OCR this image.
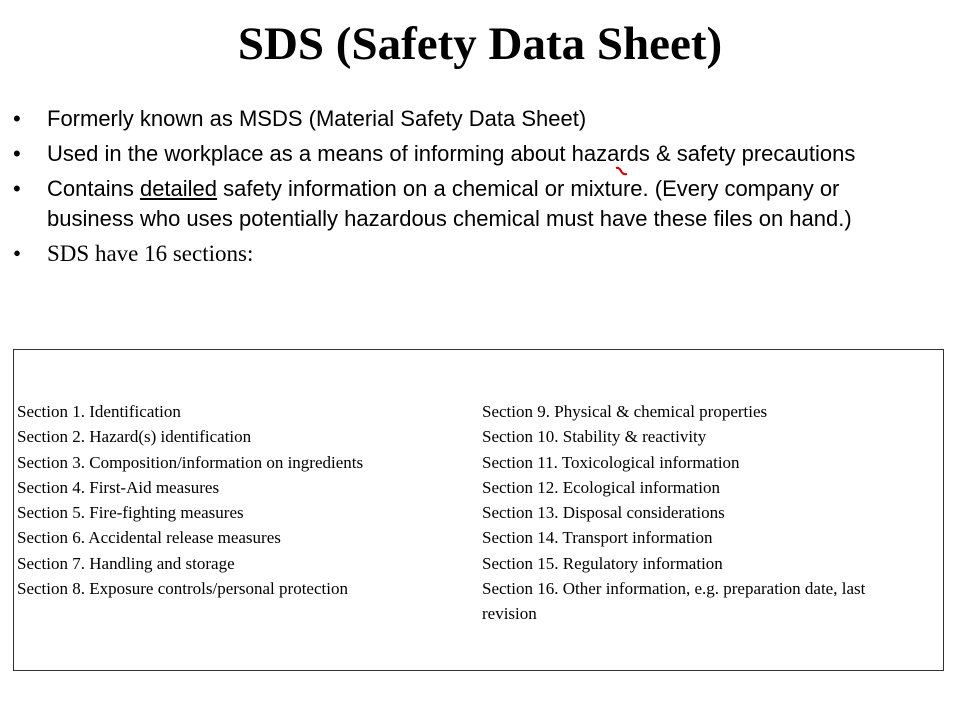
SDS (Safety Data Sheet)
•	Formerly known as MSDS (Material Safety Data Sheet)
•	Used in the workplace as a means of informing about hazards & safety precautions
•	Contains detailed safety information on a chemical or mixture. (Every company or business who uses potentially hazardous chemical must have these files on hand.)
•	SDS have 16 sections:
Section 1. Identification
Section 2. Hazard(s) identification
Section 3. Composition/information on ingredients
Section 4. First-Aid measures
Section 5. Fire-fighting measures
Section 6. Accidental release measures
Section 7. Handling and storage
Section 8. Exposure controls/personal protection
Section 9. Physical & chemical properties
Section 10. Stability & reactivity
Section 11. Toxicological information
Section 12. Ecological information
Section 13. Disposal considerations
Section 14. Transport information
Section 15. Regulatory information
Section 16. Other information, e.g. preparation date, last revision
